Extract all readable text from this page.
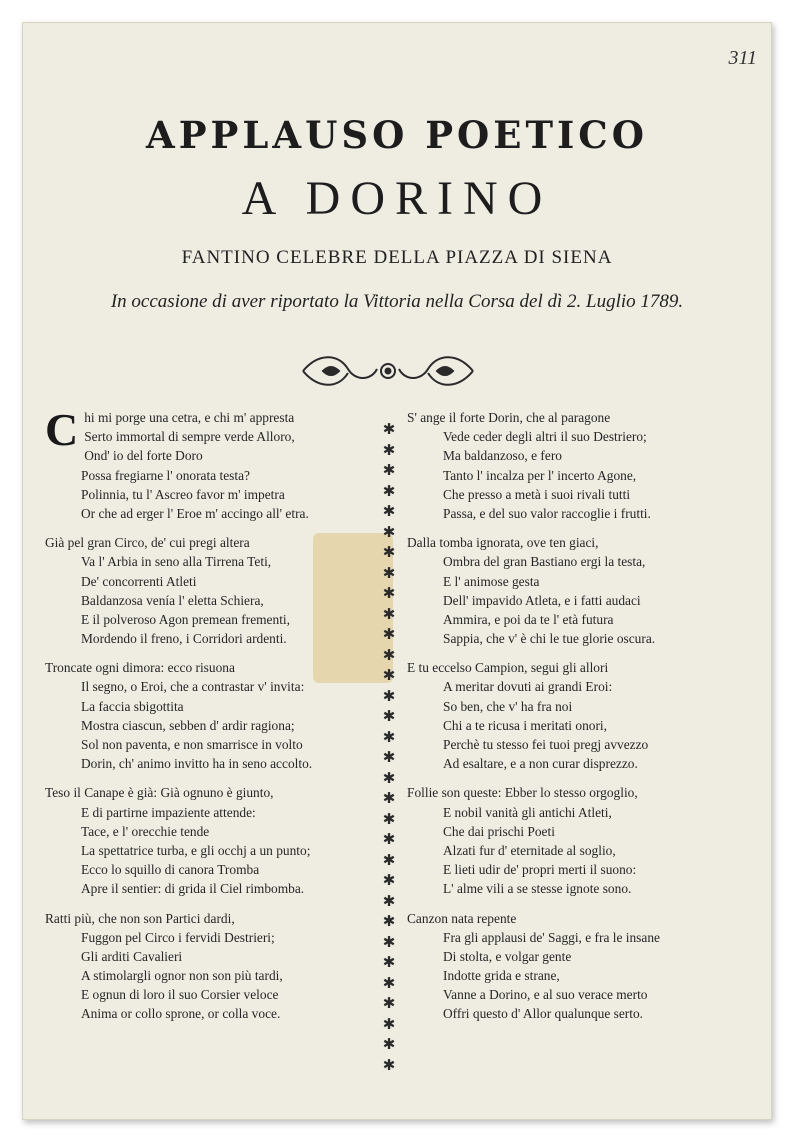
311
APPLAUSO POETICO
A DORINO
FANTINO CELEBRE DELLA PIAZZA DI SIENA
In occasione di aver riportato la Vittoria nella Corsa del dì 2. Luglio 1789.
C hi mi porge una cetra, e chi m' appresta
Serto immortal di sempre verde Alloro,
Ond' io del forte Doro
Possa fregiarne l' onorata testa?
Polinnia, tu l' Ascreo favor m' impetra
Or che ad erger l' Eroe m' accingo all' etra.
Già pel gran Circo, de' cui pregi altera
Va l' Arbia in seno alla Tirrena Teti,
De' concorrenti Atleti
Baldanzosa venía l' eletta Schiera,
E il polveroso Agon premean frementi,
Mordendo il freno, i Corridori ardenti.
Troncate ogni dimora: ecco risuona
Il segno, o Eroi, che a contrastar v' invita:
La faccia sbigottita
Mostra ciascun, sebben d' ardir ragiona;
Sol non paventa, e non smarrisce in volto
Dorin, ch' animo invitto ha in seno accolto.
Teso il Canape è già: Già ognuno è giunto,
E di partirne impaziente attende:
Tace, e l' orecchie tende
La spettatrice turba, e gli occhj a un punto;
Ecco lo squillo di canora Tromba
Apre il sentier: di grida il Ciel rimbomba.
Ratti più, che non son Partici dardi,
Fuggon pel Circo i fervidi Destrieri;
Gli arditi Cavalieri
A stimolargli ognor non son più tardi,
E ognun di loro il suo Corsier veloce
Anima or collo sprone, or colla voce.
✱
✱
✱
✱
✱
✱
✱
✱
✱
✱
✱
✱
✱
✱
✱
✱
✱
✱
✱
✱
✱
✱
✱
✱
✱
✱
✱
✱
✱
✱
✱
✱
S' ange il forte Dorin, che al paragone
Vede ceder degli altri il suo Destriero;
Ma baldanzoso, e fero
Tanto l' incalza per l' incerto Agone,
Che presso a metà i suoi rivali tutti
Passa, e del suo valor raccoglie i frutti.
Dalla tomba ignorata, ove ten giaci,
Ombra del gran Bastiano ergi la testa,
E l' animose gesta
Dell' impavido Atleta, e i fatti audaci
Ammira, e poi da te l' età futura
Sappia, che v' è chi le tue glorie oscura.
E tu eccelso Campion, segui gli allori
A meritar dovuti ai grandi Eroi:
So ben, che v' ha fra noi
Chi a te ricusa i meritati onori,
Perchè tu stesso fei tuoi pregj avvezzo
Ad esaltare, e a non curar disprezzo.
Follie son queste: Ebber lo stesso orgoglio,
E nobil vanità gli antichi Atleti,
Che dai prischi Poeti
Alzati fur d' eternitade al soglio,
E lieti udir de' propri merti il suono:
L' alme vili a se stesse ignote sono.
Canzon nata repente
Fra gli applausi de' Saggi, e fra le insane
Di stolta, e volgar gente
Indotte grida e strane,
Vanne a Dorino, e al suo verace merto
Offri questo d' Allor qualunque serto.
